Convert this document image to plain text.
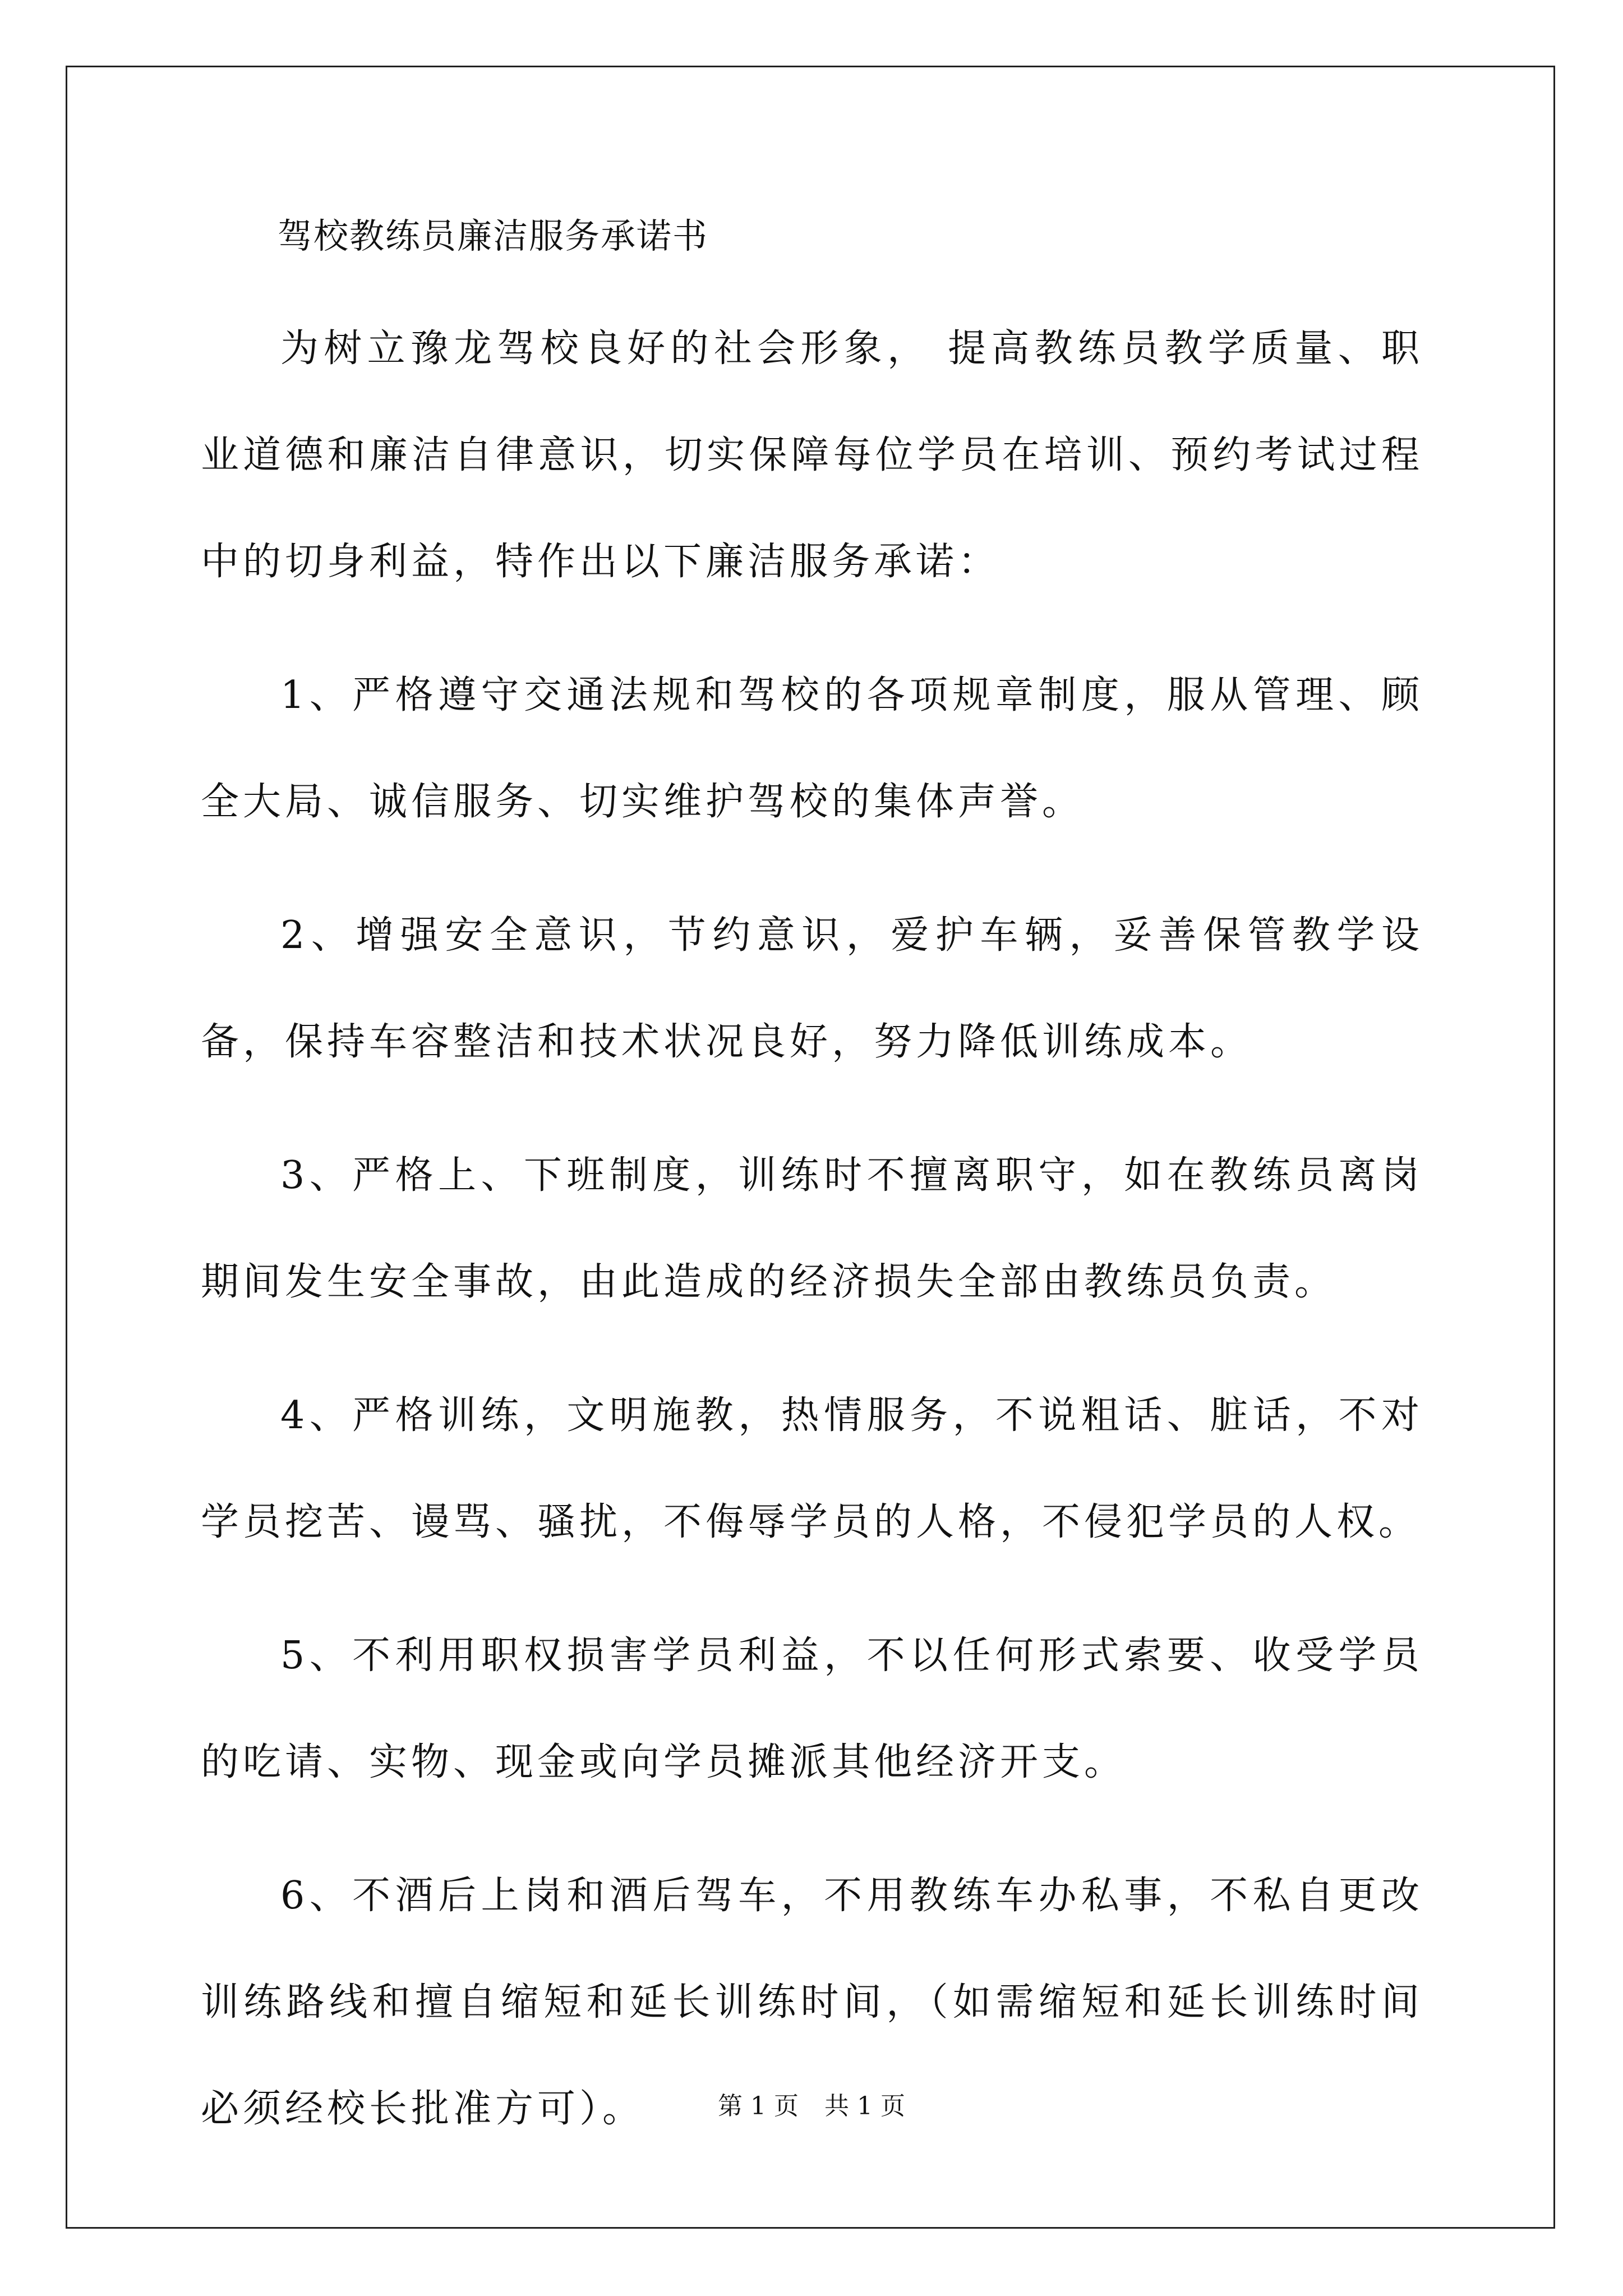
驾校教练员廉洁服务承诺书

为树立豫龙驾校良好的社会形象， 提高教练员教学质量、职业道德和廉洁自律意识，切实保障每位学员在培训、预约考试过程中的切身利益，特作出以下廉洁服务承诺：

1、严格遵守交通法规和驾校的各项规章制度，服从管理、顾全大局、诚信服务、切实维护驾校的集体声誉。

2、增强安全意识，节约意识，爱护车辆，妥善保管教学设备，保持车容整洁和技术状况良好，努力降低训练成本。

3、严格上、下班制度，训练时不擅离职守，如在教练员离岗期间发生安全事故，由此造成的经济损失全部由教练员负责。

4、严格训练，文明施教，热情服务，不说粗话、脏话，不对学员挖苦、谩骂、骚扰，不侮辱学员的人格，不侵犯学员的人权。

5、不利用职权损害学员利益，不以任何形式索要、收受学员的吃请、实物、现金或向学员摊派其他经济开支。

6、不酒后上岗和酒后驾车，不用教练车办私事，不私自更改训练路线和擅自缩短和延长训练时间，（如需缩短和延长训练时间必须经校长批准方可）。	第 1 页 共 1 页
